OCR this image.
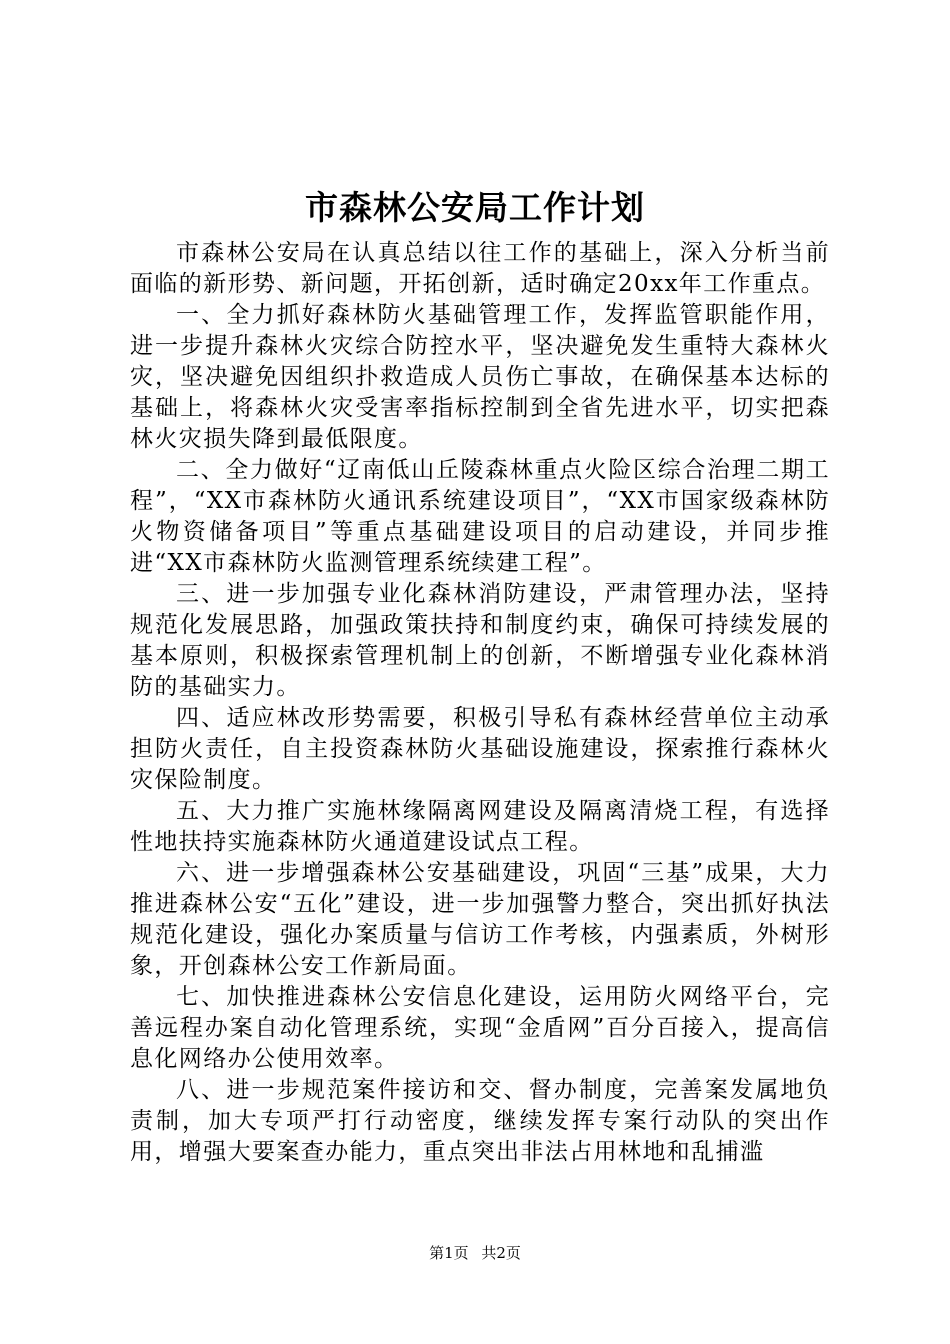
市森林公安局工作计划

市森林公安局在认真总结以往工作的基础上，深入分析当前面临的新形势、新问题，开拓创新，适时确定20xx年工作重点。

一、全力抓好森林防火基础管理工作，发挥监管职能作用，进一步提升森林火灾综合防控水平，坚决避免发生重特大森林火灾，坚决避免因组织扑救造成人员伤亡事故，在确保基本达标的基础上，将森林火灾受害率指标控制到全省先进水平，切实把森林火灾损失降到最低限度。

二、全力做好“辽南低山丘陵森林重点火险区综合治理二期工程”，“XX市森林防火通讯系统建设项目”，“XX市国家级森林防火物资储备项目”等重点基础建设项目的启动建设，并同步推进“XX市森林防火监测管理系统续建工程”。

三、进一步加强专业化森林消防建设，严肃管理办法，坚持规范化发展思路，加强政策扶持和制度约束，确保可持续发展的基本原则，积极探索管理机制上的创新，不断增强专业化森林消防的基础实力。

四、适应林改形势需要，积极引导私有森林经营单位主动承担防火责任，自主投资森林防火基础设施建设，探索推行森林火灾保险制度。

五、大力推广实施林缘隔离网建设及隔离清烧工程，有选择性地扶持实施森林防火通道建设试点工程。

六、进一步增强森林公安基础建设，巩固“三基”成果，大力推进森林公安“五化”建设，进一步加强警力整合，突出抓好执法规范化建设，强化办案质量与信访工作考核，内强素质，外树形象，开创森林公安工作新局面。

七、加快推进森林公安信息化建设，运用防火网络平台，完善远程办案自动化管理系统，实现“金盾网”百分百接入，提高信息化网络办公使用效率。

八、进一步规范案件接访和交、督办制度，完善案发属地负责制，加大专项严打行动密度，继续发挥专案行动队的突出作用，增强大要案查办能力，重点突出非法占用林地和乱捕滥

第1页 共2页
